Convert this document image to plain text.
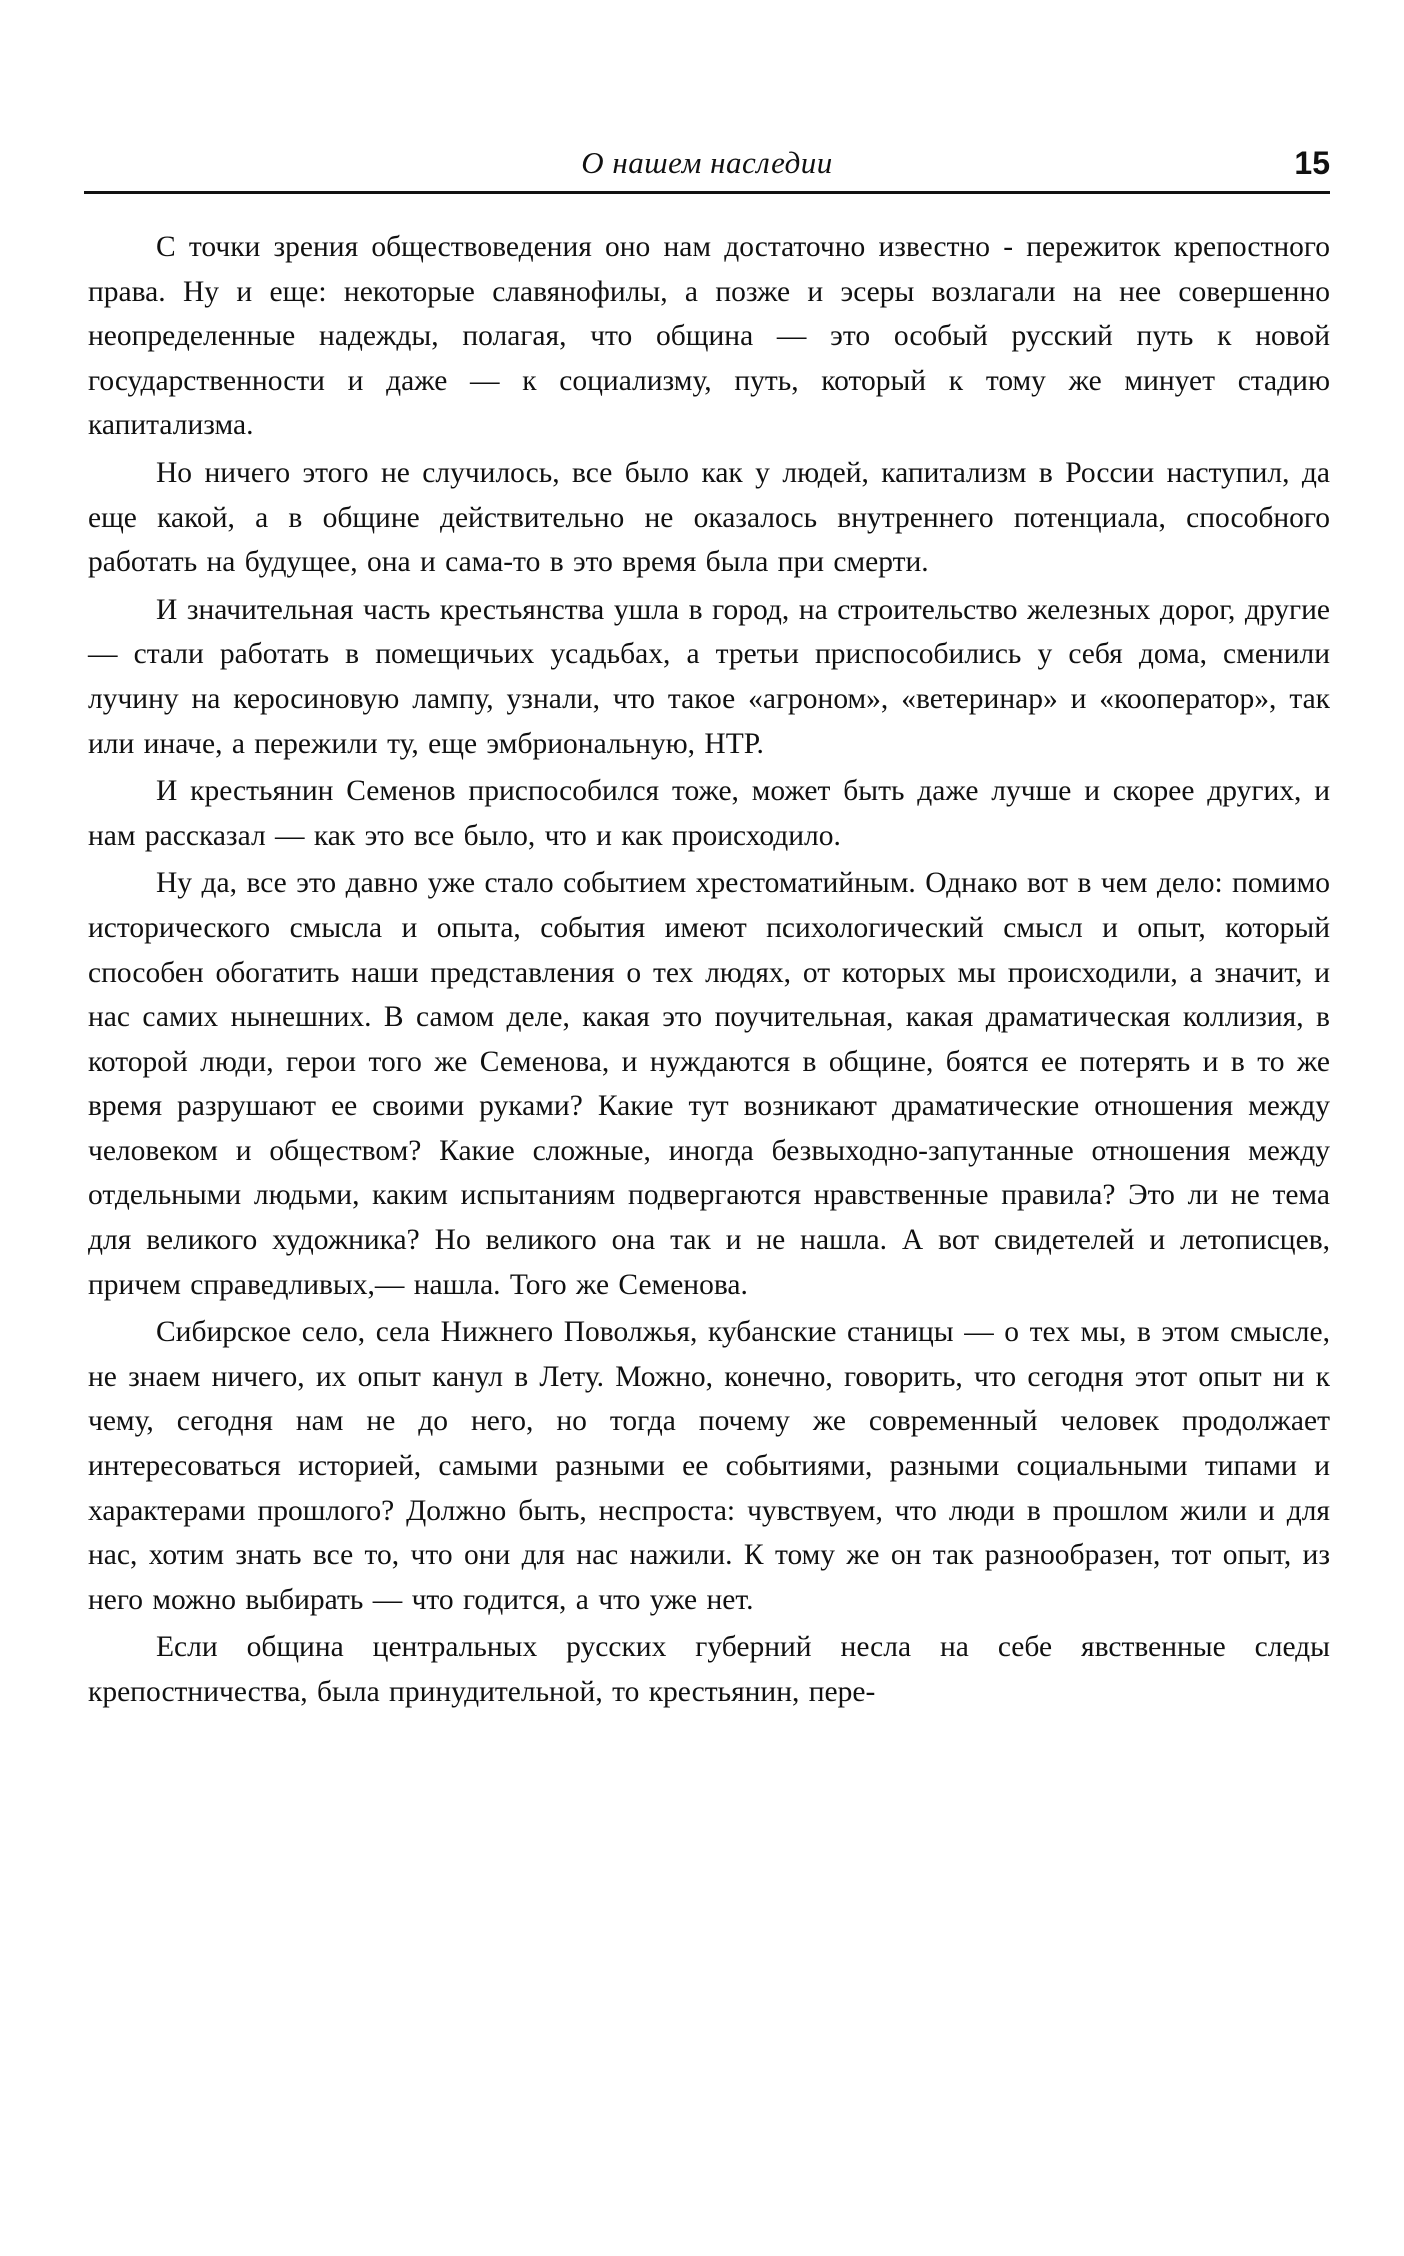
О нашем наследии	15

С точки зрения обществоведения оно нам достаточно известно - пережиток крепостного права. Ну и еще: некоторые славянофилы, а позже и эсеры возлагали на нее совершенно неопределенные надежды, полагая, что община — это особый русский путь к новой государственности и даже — к социализму, путь, который к тому же минует стадию капитализма.

Но ничего этого не случилось, все было как у людей, капитализм в России наступил, да еще какой, а в общине действительно не оказалось внутреннего потенциала, способного работать на будущее, она и сама-то в это время была при смерти.

И значительная часть крестьянства ушла в город, на строительство железных дорог, другие — стали работать в помещичьих усадьбах, а третьи приспособились у себя дома, сменили лучину на керосиновую лампу, узнали, что такое «агроном», «ветеринар» и «кооператор», так или иначе, а пережили ту, еще эмбриональную, НТР.

И крестьянин Семенов приспособился тоже, может быть даже лучше и скорее других, и нам рассказал — как это все было, что и как происходило.

Ну да, все это давно уже стало событием хрестоматийным. Однако вот в чем дело: помимо исторического смысла и опыта, события имеют психологический смысл и опыт, который способен обогатить наши представления о тех людях, от которых мы происходили, а значит, и нас самих нынешних. В самом деле, какая это поучительная, какая драматическая коллизия, в которой люди, герои того же Семенова, и нуждаются в общине, боятся ее потерять и в то же время разрушают ее своими руками? Какие тут возникают драматические отношения между человеком и обществом? Какие сложные, иногда безвыходно-запутанные отношения между отдельными людьми, каким испытаниям подвергаются нравственные правила? Это ли не тема для великого художника? Но великого она так и не нашла. А вот свидетелей и летописцев, причем справедливых,— нашла. Того же Семенова.

Сибирское село, села Нижнего Поволжья, кубанские станицы — о тех мы, в этом смысле, не знаем ничего, их опыт канул в Лету. Можно, конечно, говорить, что сегодня этот опыт ни к чему, сегодня нам не до него, но тогда почему же современный человек продолжает интересоваться историей, самыми разными ее событиями, разными социальными типами и характерами прошлого? Должно быть, неспроста: чувствуем, что люди в прошлом жили и для нас, хотим знать все то, что они для нас нажили. К тому же он так разнообразен, тот опыт, из него можно выбирать — что годится, а что уже нет.

Если община центральных русских губерний несла на себе явственные следы крепостничества, была принудительной, то крестьянин, пере-
